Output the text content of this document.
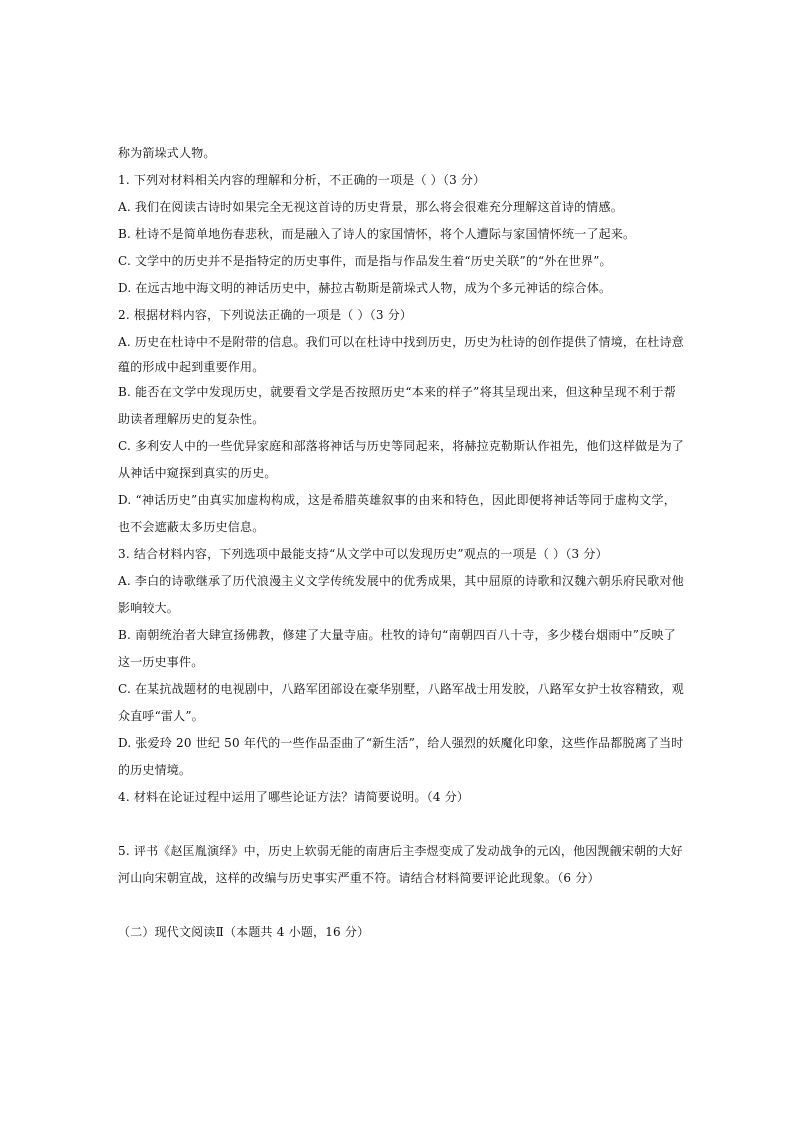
称为箭垛式人物。
1. 下列对材料相关内容的理解和分析，不正确的一项是（ ）（3 分）
A. 我们在阅读古诗时如果完全无视这首诗的历史背景，那么将会很难充分理解这首诗的情感。
B. 杜诗不是简单地伤春悲秋，而是融入了诗人的家国情怀，将个人遭际与家国情怀统一了起来。
C. 文学中的历史并不是指特定的历史事件，而是指与作品发生着“历史关联”的“外在世界”。
D. 在远古地中海文明的神话历史中，赫拉古勒斯是箭垛式人物，成为个多元神话的综合体。
2. 根据材料内容，下列说法正确的一项是（ ）（3 分）
A. 历史在杜诗中不是附带的信息。我们可以在杜诗中找到历史，历史为杜诗的创作提供了情境，在杜诗意
蕴的形成中起到重要作用。
B. 能否在文学中发现历史，就要看文学是否按照历史“本来的样子”将其呈现出来，但这种呈现不利于帮
助读者理解历史的复杂性。
C. 多利安人中的一些优异家庭和部落将神话与历史等同起来，将赫拉克勒斯认作祖先，他们这样做是为了
从神话中窥探到真实的历史。
D. “神话历史”由真实加虚构构成，这是希腊英雄叙事的由来和特色，因此即便将神话等同于虚构文学，
也不会遮蔽太多历史信息。
3. 结合材料内容，下列选项中最能支持“从文学中可以发现历史”观点的一项是（ ）（3 分）
A. 李白的诗歌继承了历代浪漫主义文学传统发展中的优秀成果，其中屈原的诗歌和汉魏六朝乐府民歌对他
影响较大。
B. 南朝统治者大肆宣扬佛教，修建了大量寺庙。杜牧的诗句“南朝四百八十寺，多少楼台烟雨中”反映了
这一历史事件。
C. 在某抗战题材的电视剧中，八路军团部设在豪华别墅，八路军战士用发胶，八路军女护士妆容精致，观
众直呼“雷人”。
D. 张爱玲 20 世纪 50 年代的一些作品歪曲了“新生活”，给人强烈的妖魔化印象，这些作品都脱离了当时
的历史情境。
4. 材料在论证过程中运用了哪些论证方法？请简要说明。（4 分）
5. 评书《赵匡胤演绎》中，历史上软弱无能的南唐后主李煜变成了发动战争的元凶，他因觊觎宋朝的大好
河山向宋朝宣战，这样的改编与历史事实严重不符。请结合材料简要评论此现象。（6 分）
（二）现代文阅读Ⅱ（本题共 4 小题，16 分）
